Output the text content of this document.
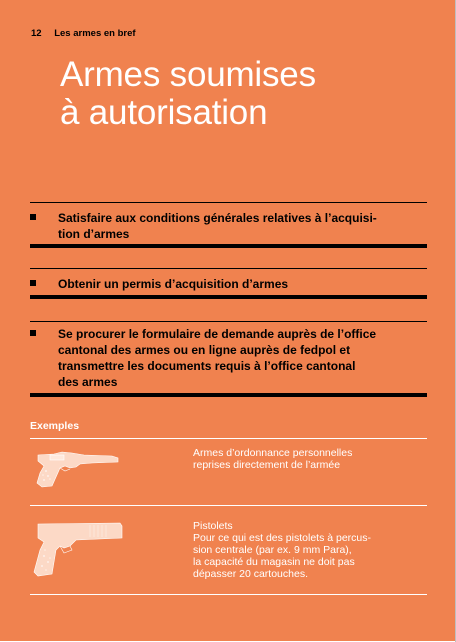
12 Les armes en bref
Armes soumises
à autorisation
Satisfaire aux conditions générales relatives à l’acquisi-
tion d’armes
Obtenir un permis d’acquisition d’armes
Se procurer le formulaire de demande auprès de l’office
cantonal des armes ou en ligne auprès de fedpol et
transmettre les documents requis à l’office cantonal
des armes
Exemples
Armes d’ordonnance personnelles
reprises directement de l’armée
Pistolets
Pour ce qui est des pistolets à percus-
sion centrale (par ex. 9 mm Para),
la capacité du magasin ne doit pas
dépasser 20 cartouches.
